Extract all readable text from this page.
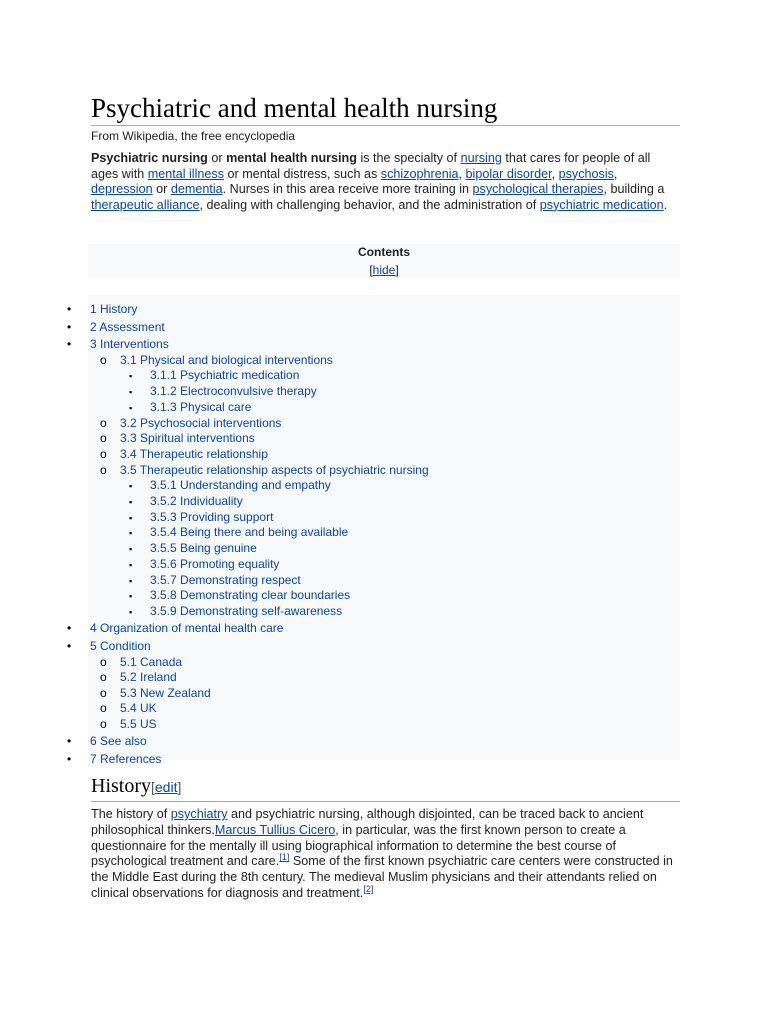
Psychiatric and mental health nursing
From Wikipedia, the free encyclopedia

Psychiatric nursing or mental health nursing is the specialty of nursing that cares for people of all ages with mental illness or mental distress, such as schizophrenia, bipolar disorder, psychosis, depression or dementia. Nurses in this area receive more training in psychological therapies, building a therapeutic alliance, dealing with challenging behavior, and the administration of psychiatric medication.

Contents
[hide]
• 1 History
• 2 Assessment
• 3 Interventions
o 3.1 Physical and biological interventions
▪ 3.1.1 Psychiatric medication
▪ 3.1.2 Electroconvulsive therapy
▪ 3.1.3 Physical care
o 3.2 Psychosocial interventions
o 3.3 Spiritual interventions
o 3.4 Therapeutic relationship
o 3.5 Therapeutic relationship aspects of psychiatric nursing
▪ 3.5.1 Understanding and empathy
▪ 3.5.2 Individuality
▪ 3.5.3 Providing support
▪ 3.5.4 Being there and being available
▪ 3.5.5 Being genuine
▪ 3.5.6 Promoting equality
▪ 3.5.7 Demonstrating respect
▪ 3.5.8 Demonstrating clear boundaries
▪ 3.5.9 Demonstrating self-awareness
• 4 Organization of mental health care
• 5 Condition
o 5.1 Canada
o 5.2 Ireland
o 5.3 New Zealand
o 5.4 UK
o 5.5 US
• 6 See also
• 7 References
History[edit]

The history of psychiatry and psychiatric nursing, although disjointed, can be traced back to ancient philosophical thinkers.Marcus Tullius Cicero, in particular, was the first known person to create a questionnaire for the mentally ill using biographical information to determine the best course of psychological treatment and care.[1] Some of the first known psychiatric care centers were constructed in the Middle East during the 8th century. The medieval Muslim physicians and their attendants relied on clinical observations for diagnosis and treatment.[2]
